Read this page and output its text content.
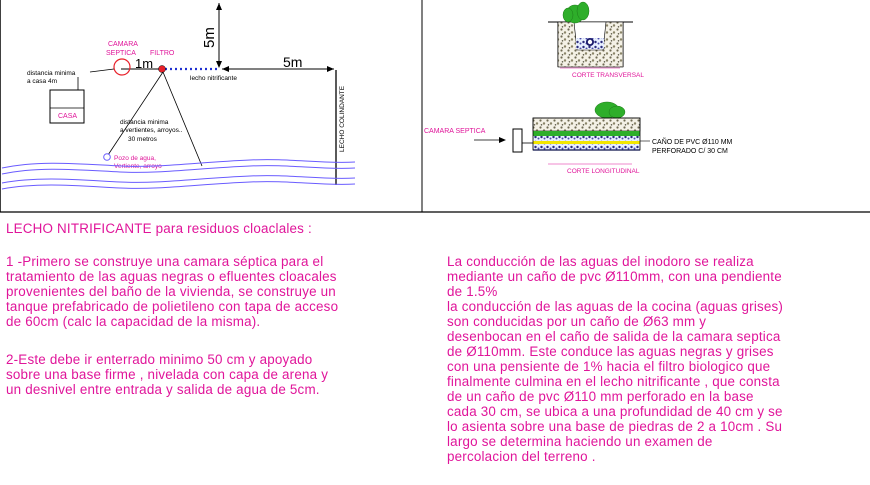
LECHO COLINDANTE
5m
5m
1m
lecho nitrificante
CAMARA
SEPTICA FILTRO
distancia minima
a casa 4m
CASA
distancia minima
a vertientes, arroyos..
30 metros
Pozo de agua,
Vertiente, arroyo
CORTE TRANSVERSAL
CAMARA SEPTICA
CAÑO DE PVC Ø110 MM
PERFORADO C/ 30 CM
CORTE LONGITUDINAL
LECHO NITRIFICANTE para residuos cloaclales :
1 -Primero se construye una camara séptica para el
tratamiento de las aguas negras o efluentes cloacales
provenientes del baño de la vivienda, se construye un
tanque prefabricado de polietileno con tapa de acceso
de 60cm (calc la capacidad de la misma).
2-Este debe ir enterrado minimo 50 cm y apoyado
sobre una base firme , nivelada con capa de arena y
un desnivel entre entrada y salida de agua de 5cm.
La conducción de las aguas del inodoro se realiza
mediante un caño de pvc Ø110mm, con una pendiente
de 1.5%
la conducción de las aguas de la cocina (aguas grises)
son conducidas por un caño de Ø63 mm y
desenbocan en el caño de salida de la camara septica
de Ø110mm. Este conduce las aguas negras y grises
con una pensiente de 1% hacia el filtro biologico que
finalmente culmina en el lecho nitrificante , que consta
de un caño de pvc Ø110 mm perforado en la base
cada 30 cm, se ubica a una profundidad de 40 cm y se
lo asienta sobre una base de piedras de 2 a 10cm . Su
largo se determina haciendo un examen de
percolacion del terreno .
